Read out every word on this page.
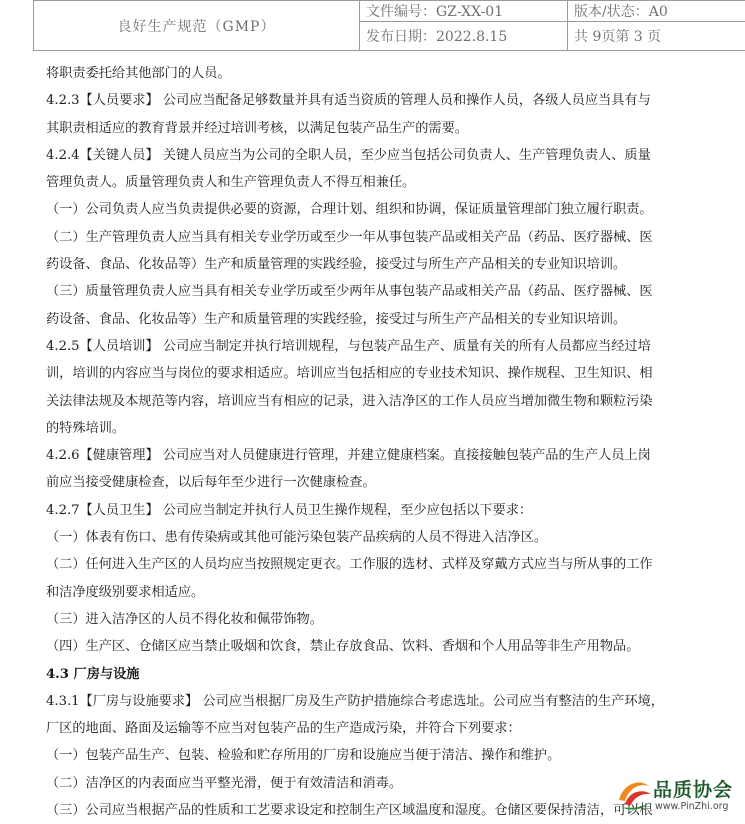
良好生产规范（GMP）	文件编号：GZ-XX-01	版本/状态：A0
	发布日期：2022.8.15	共 9页第 3 页

将职责委托给其他部门的人员。

4.2.3【人员要求】 公司应当配备足够数量并具有适当资质的管理人员和操作人员，各级人员应当具有与

其职责相适应的教育背景并经过培训考核，以满足包装产品生产的需要。

4.2.4【关键人员】 关键人员应当为公司的全职人员，至少应当包括公司负责人、生产管理负责人、质量

管理负责人。质量管理负责人和生产管理负责人不得互相兼任。

（一）公司负责人应当负责提供必要的资源，合理计划、组织和协调，保证质量管理部门独立履行职责。

（二）生产管理负责人应当具有相关专业学历或至少一年从事包装产品或相关产品（药品、医疗器械、医

药设备、食品、化妆品等）生产和质量管理的实践经验，接受过与所生产产品相关的专业知识培训。

（三）质量管理负责人应当具有相关专业学历或至少两年从事包装产品或相关产品（药品、医疗器械、医

药设备、食品、化妆品等）生产和质量管理的实践经验，接受过与所生产产品相关的专业知识培训。

4.2.5【人员培训】 公司应当制定并执行培训规程，与包装产品生产、质量有关的所有人员都应当经过培

训，培训的内容应当与岗位的要求相适应。培训应当包括相应的专业技术知识、操作规程、卫生知识、相

关法律法规及本规范等内容，培训应当有相应的记录，进入洁净区的工作人员应当增加微生物和颗粒污染

的特殊培训。

4.2.6【健康管理】 公司应当对人员健康进行管理，并建立健康档案。直接接触包装产品的生产人员上岗

前应当接受健康检查，以后每年至少进行一次健康检查。

4.2.7【人员卫生】 公司应当制定并执行人员卫生操作规程，至少应包括以下要求：

（一）体表有伤口、患有传染病或其他可能污染包装产品疾病的人员不得进入洁净区。

（二）任何进入生产区的人员均应当按照规定更衣。工作服的选材、式样及穿戴方式应当与所从事的工作

和洁净度级别要求相适应。

（三）进入洁净区的人员不得化妆和佩带饰物。

（四）生产区、仓储区应当禁止吸烟和饮食，禁止存放食品、饮料、香烟和个人用品等非生产用物品。

4.3 厂房与设施

4.3.1【厂房与设施要求】 公司应当根据厂房及生产防护措施综合考虑选址。公司应当有整洁的生产环境，

厂区的地面、路面及运输等不应当对包装产品的生产造成污染，并符合下列要求：

（一）包装产品生产、包装、检验和贮存所用的厂房和设施应当便于清洁、操作和维护。

（二）洁净区的内表面应当平整光滑，便于有效清洁和消毒。

（三）公司应当根据产品的性质和工艺要求设定和控制生产区域温度和湿度。仓储区要保持清洁，可以根

品质协会
www.PinZhi.org
